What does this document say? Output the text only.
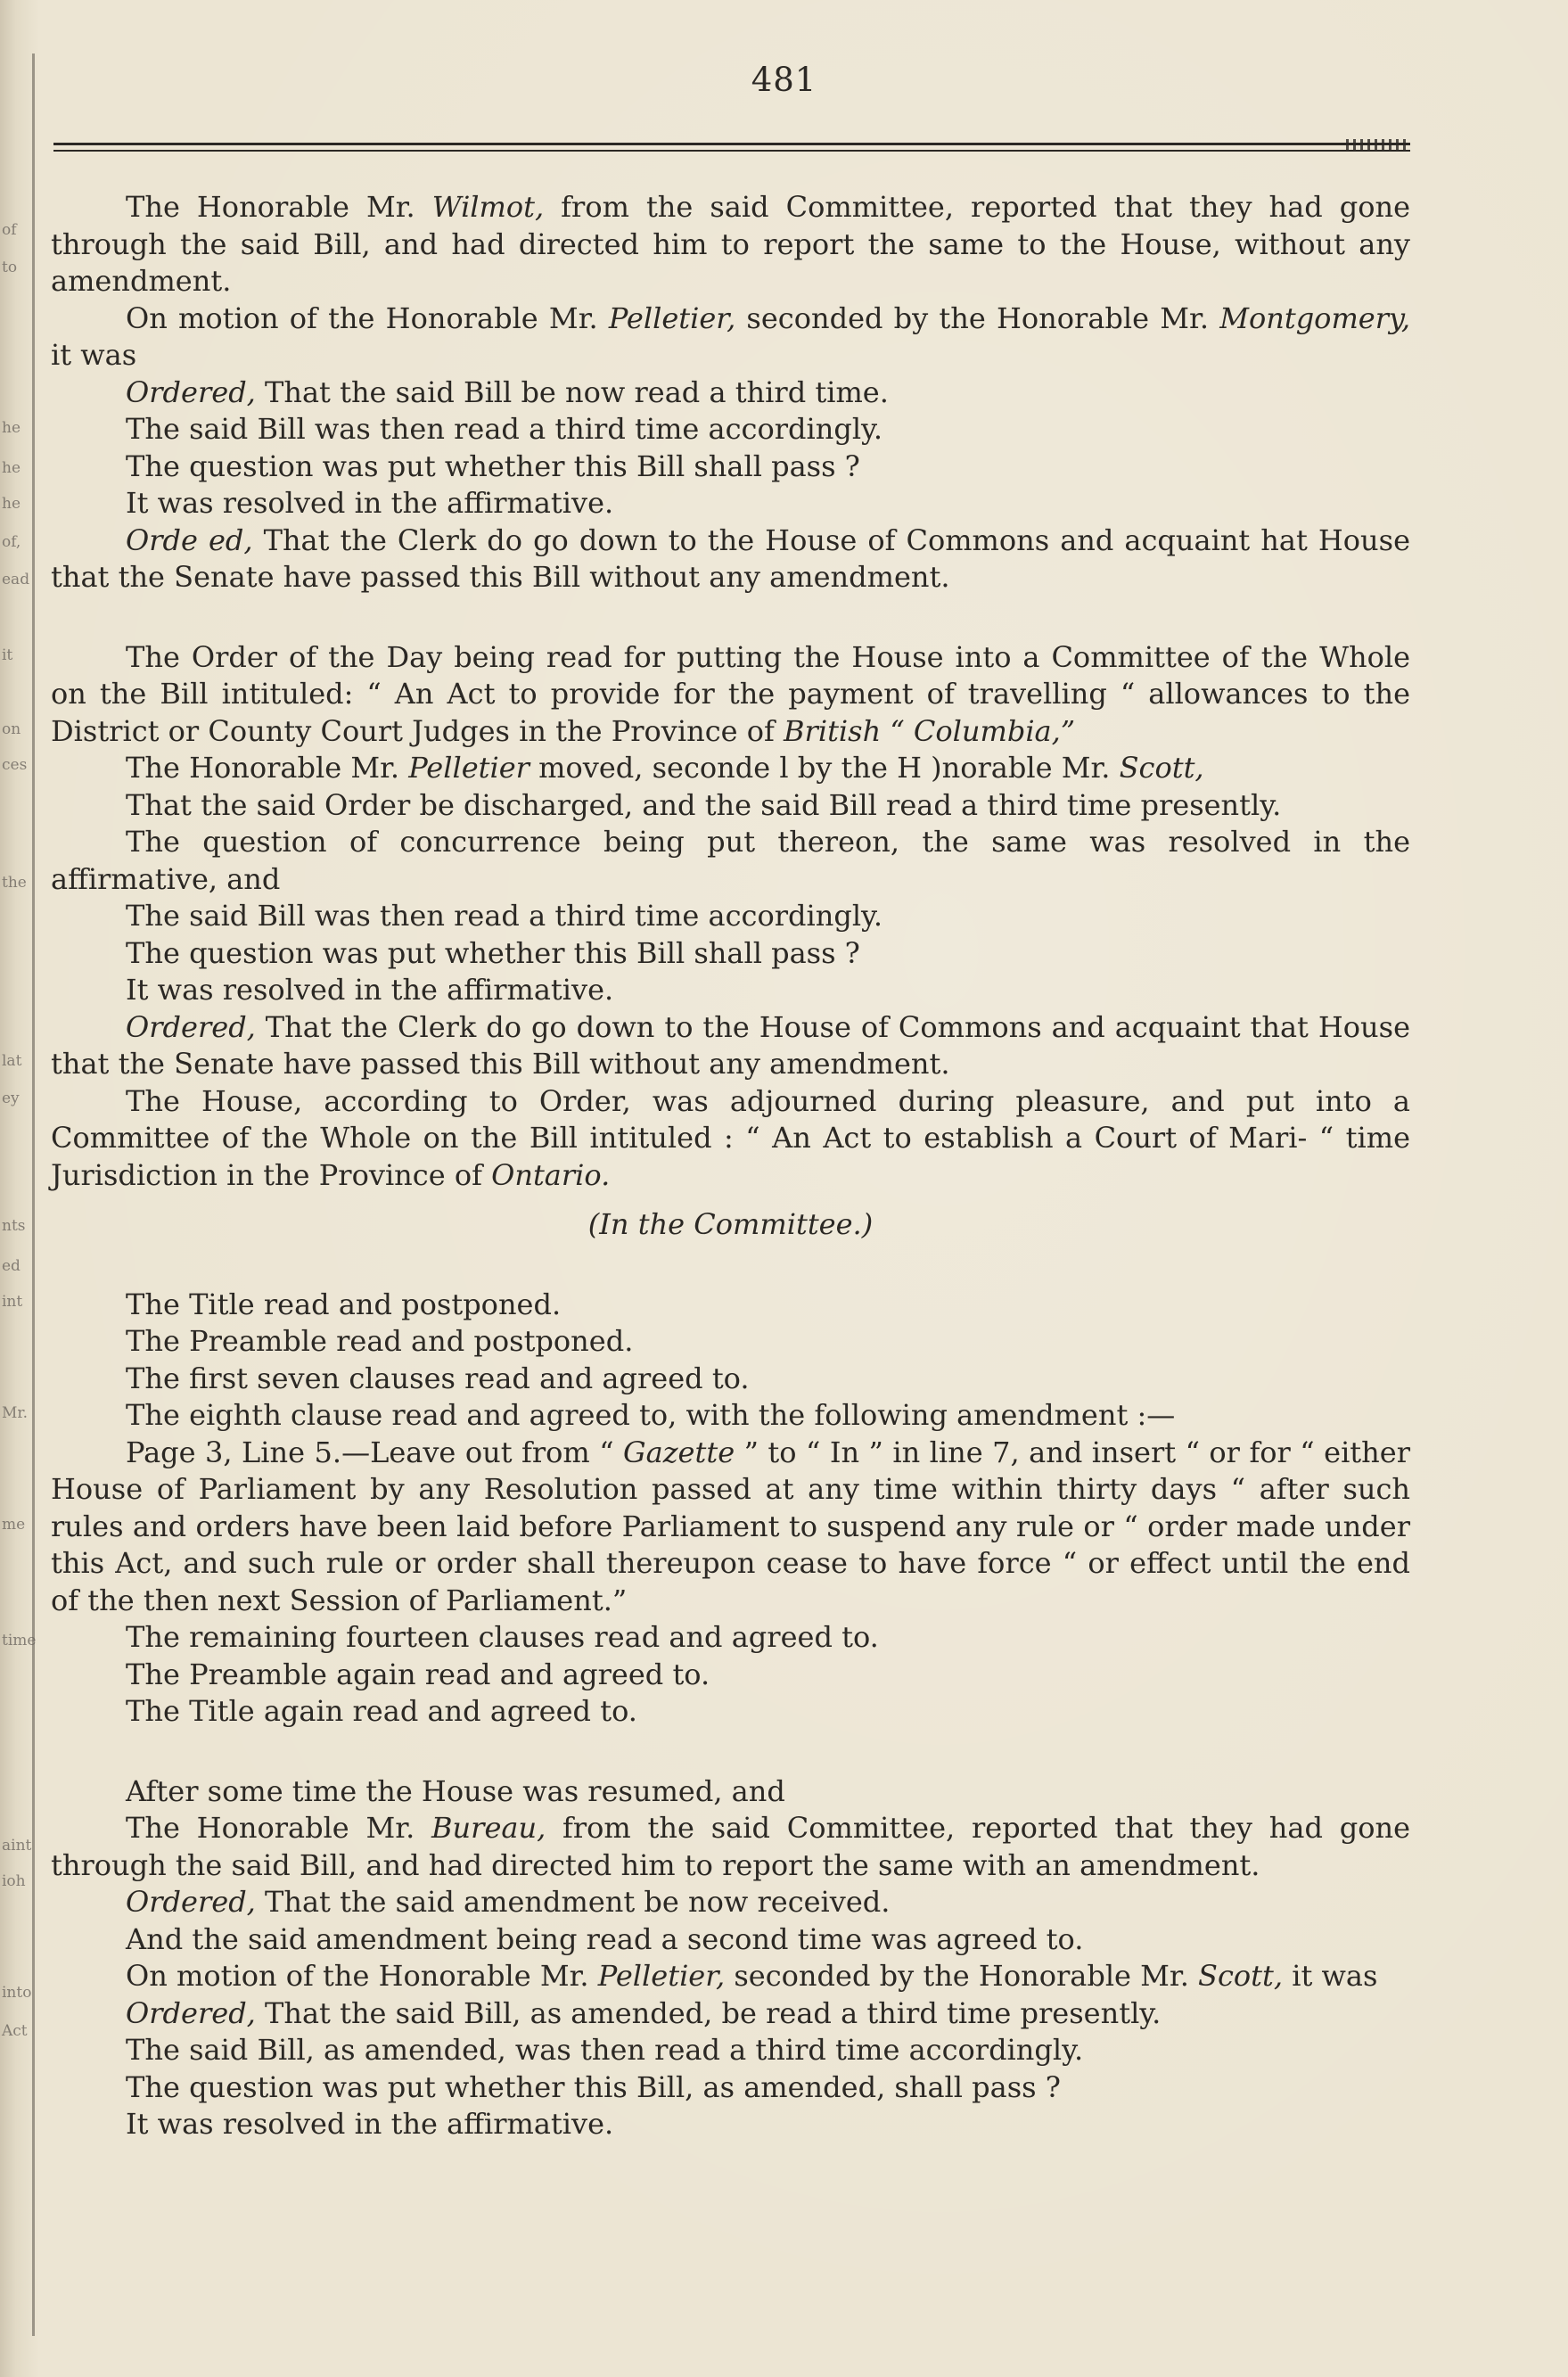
of
to
he
he
he
of,
ead
it
on
ces
the
lat
ey
nts
ed
int
Mr.
me
time
aint
ioh
into
Act
481

The Honorable Mr. Wilmot, from the said Committee, reported that they had gone through the said Bill, and had directed him to report the same to the House, without any amendment.

On motion of the Honorable Mr. Pelletier, seconded by the Honorable Mr. Montgomery, it was

Ordered, That the said Bill be now read a third time.

The said Bill was then read a third time accordingly.

The question was put whether this Bill shall pass ?

It was resolved in the affirmative.

Orde ed, That the Clerk do go down to the House of Commons and acquaint hat House that the Senate have passed this Bill without any amendment.

The Order of the Day being read for putting the House into a Committee of the Whole on the Bill intituled: “ An Act to provide for the payment of travelling “ allowances to the District or County Court Judges in the Province of British “ Columbia,”

The Honorable Mr. Pelletier moved, seconde l by the H )norable Mr. Scott,

That the said Order be discharged, and the said Bill read a third time presently.

The question of concurrence being put thereon, the same was resolved in the affirmative, and

The said Bill was then read a third time accordingly.

The question was put whether this Bill shall pass ?

It was resolved in the affirmative.

Ordered, That the Clerk do go down to the House of Commons and acquaint that House that the Senate have passed this Bill without any amendment.

The House, according to Order, was adjourned during pleasure, and put into a Committee of the Whole on the Bill intituled : “ An Act to establish a Court of Mari- “ time Jurisdiction in the Province of Ontario.

(In the Committee.)

The Title read and postponed.

The Preamble read and postponed.

The first seven clauses read and agreed to.

The eighth clause read and agreed to, with the following amendment :—

Page 3, Line 5.—Leave out from “ Gazette ” to “ In ” in line 7, and insert “ or for “ either House of Parliament by any Resolution passed at any time within thirty days “ after such rules and orders have been laid before Parliament to suspend any rule or “ order made under this Act, and such rule or order shall thereupon cease to have force “ or effect until the end of the then next Session of Parliament.”

The remaining fourteen clauses read and agreed to.

The Preamble again read and agreed to.

The Title again read and agreed to.

After some time the House was resumed, and

The Honorable Mr. Bureau, from the said Committee, reported that they had gone through the said Bill, and had directed him to report the same with an amendment.

Ordered, That the said amendment be now received.

And the said amendment being read a second time was agreed to.

On motion of the Honorable Mr. Pelletier, seconded by the Honorable Mr. Scott, it was

Ordered, That the said Bill, as amended, be read a third time presently.

The said Bill, as amended, was then read a third time accordingly.

The question was put whether this Bill, as amended, shall pass ?

It was resolved in the affirmative.
